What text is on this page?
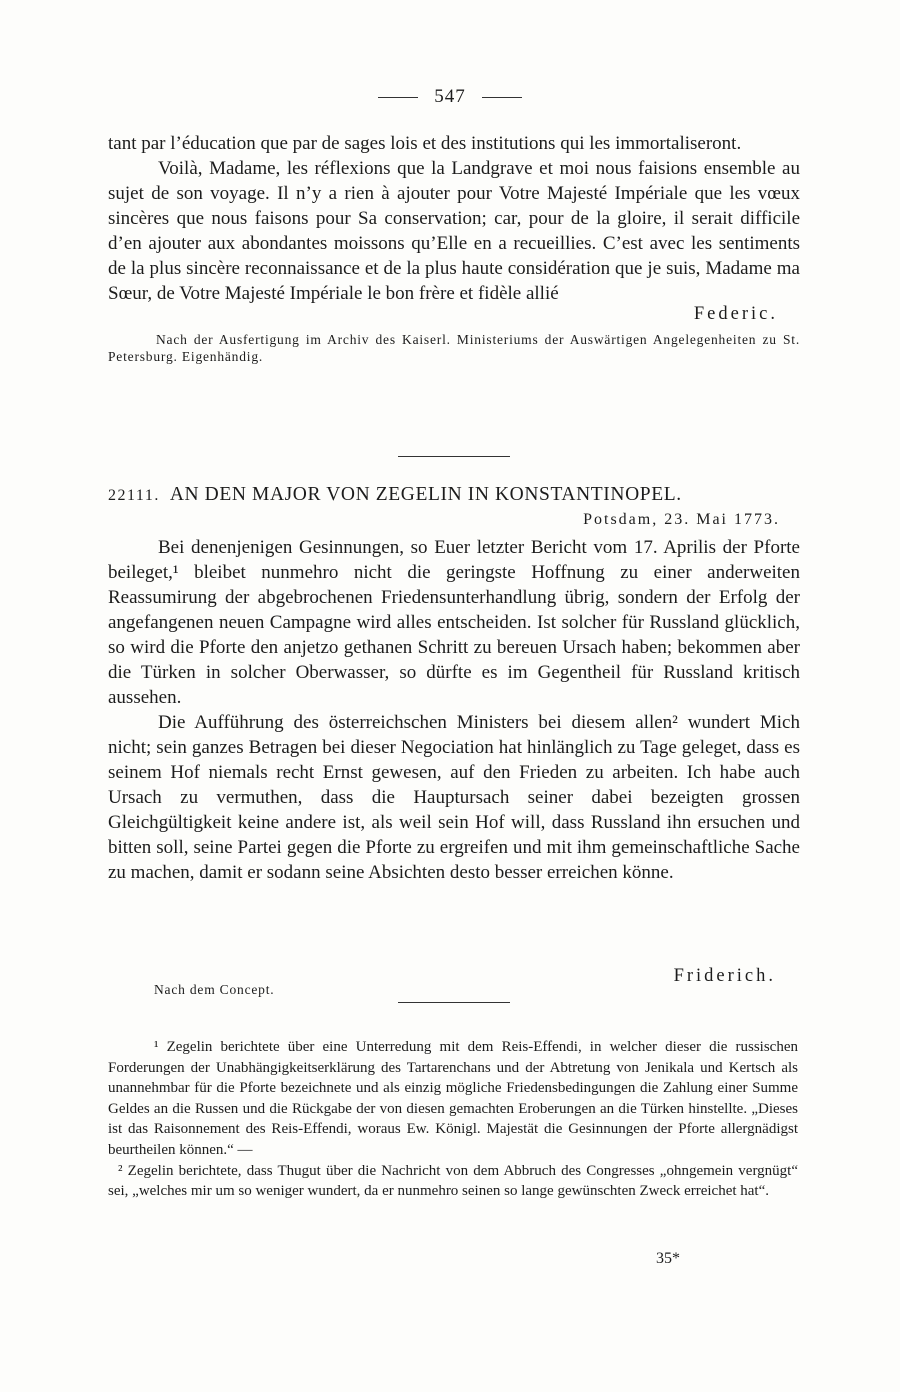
547

tant par l’éducation que par de sages lois et des institutions qui les immortaliseront.

Voilà, Madame, les réflexions que la Landgrave et moi nous faisions ensemble au sujet de son voyage. Il n’y a rien à ajouter pour Votre Majesté Impériale que les vœux sincères que nous faisons pour Sa conservation; car, pour de la gloire, il serait difficile d’en ajouter aux abondantes moissons qu’Elle en a recueillies. C’est avec les sentiments de la plus sincère reconnaissance et de la plus haute considération que je suis, Madame ma Sœur, de Votre Majesté Impériale le bon frère et fidèle allié

Federic.
Nach der Ausfertigung im Archiv des Kaiserl. Ministeriums der Auswärtigen Angelegenheiten zu St. Petersburg. Eigenhändig.
22111. AN DEN MAJOR VON ZEGELIN IN KONSTANTINOPEL.
Potsdam, 23. Mai 1773.

Bei denenjenigen Gesinnungen, so Euer letzter Bericht vom 17. Aprilis der Pforte beileget,¹ bleibet nunmehro nicht die geringste Hoffnung zu einer anderweiten Reassumirung der abgebrochenen Friedensunterhandlung übrig, sondern der Erfolg der angefangenen neuen Campagne wird alles entscheiden. Ist solcher für Russland glücklich, so wird die Pforte den anjetzo gethanen Schritt zu bereuen Ursach haben; bekommen aber die Türken in solcher Oberwasser, so dürfte es im Gegentheil für Russland kritisch aussehen.

Die Aufführung des österreichschen Ministers bei diesem allen² wundert Mich nicht; sein ganzes Betragen bei dieser Negociation hat hinlänglich zu Tage geleget, dass es seinem Hof niemals recht Ernst gewesen, auf den Frieden zu arbeiten. Ich habe auch Ursach zu vermuthen, dass die Hauptursach seiner dabei bezeigten grossen Gleichgültigkeit keine andere ist, als weil sein Hof will, dass Russland ihn ersuchen und bitten soll, seine Partei gegen die Pforte zu ergreifen und mit ihm gemeinschaftliche Sache zu machen, damit er sodann seine Absichten desto besser erreichen könne.

Friderich.
Nach dem Concept.
¹ Zegelin berichtete über eine Unterredung mit dem Reis-Effendi, in welcher dieser die russischen Forderungen der Unabhängigkeitserklärung des Tartarenchans und der Abtretung von Jenikala und Kertsch als unannehmbar für die Pforte bezeichnete und als einzig mögliche Friedensbedingungen die Zahlung einer Summe Geldes an die Russen und die Rückgabe der von diesen gemachten Eroberungen an die Türken hinstellte. „Dieses ist das Raisonnement des Reis-Effendi, woraus Ew. Königl. Majestät die Gesinnungen der Pforte allergnädigst beurtheilen können.“ —
² Zegelin berichtete, dass Thugut über die Nachricht von dem Abbruch des Congresses „ohngemein vergnügt“ sei, „welches mir um so weniger wundert, da er nunmehro seinen so lange gewünschten Zweck erreichet hat“.
35*
